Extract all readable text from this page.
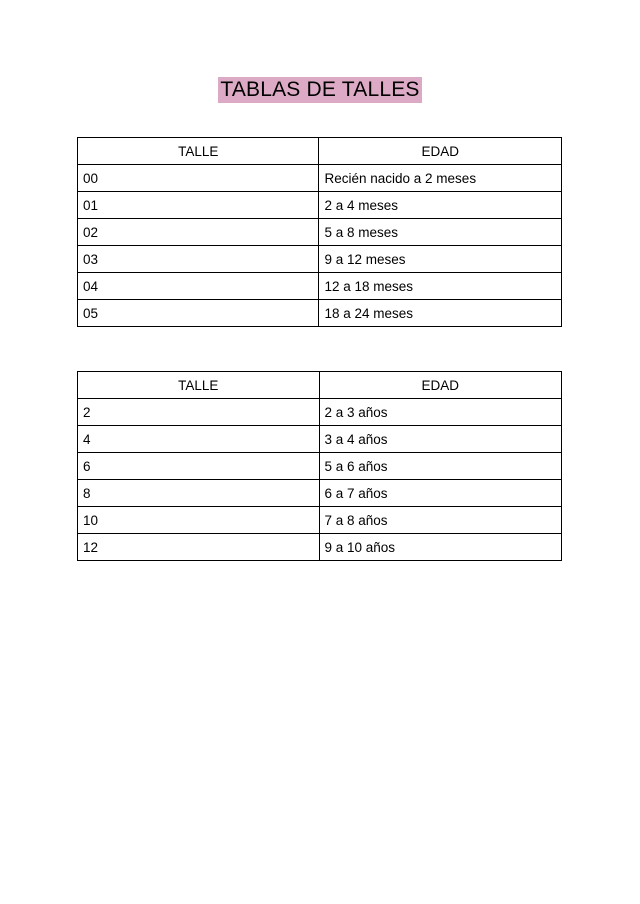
TABLAS DE TALLES
TALLE	EDAD
00	Recién nacido a 2 meses
01	2 a 4 meses
02	5 a 8 meses
03	9 a 12 meses
04	12 a 18 meses
05	18 a 24 meses
TALLE	EDAD
2	2 a 3 años
4	3 a 4 años
6	5 a 6 años
8	6 a 7 años
10	7 a 8 años
12	9 a 10 años
